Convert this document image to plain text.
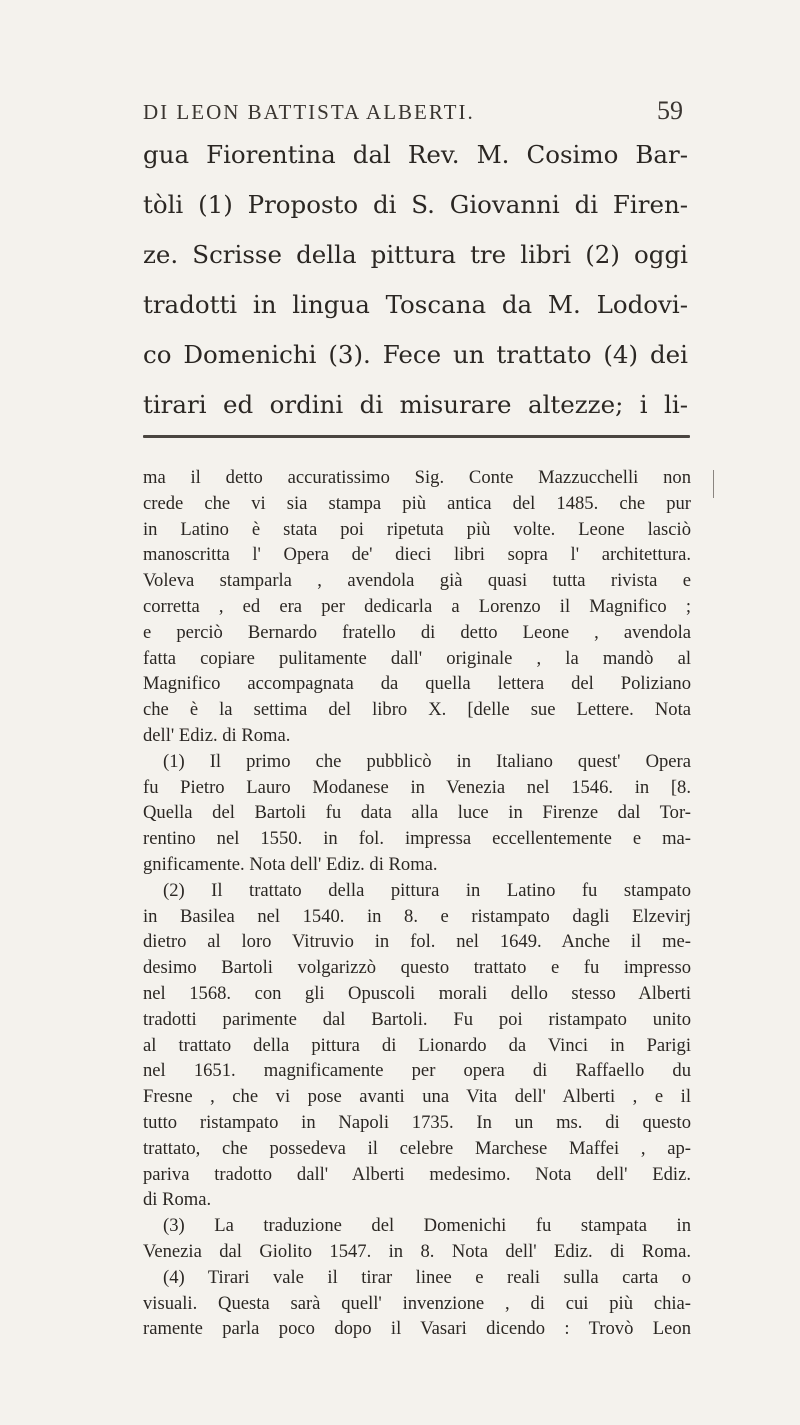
DI LEON BATTISTA ALBERTI.	59
gua Fiorentina dal Rev. M. Cosimo Bar-
tòli (1) Proposto di S. Giovanni di Firen-
ze. Scrisse della pittura tre libri (2) oggi
tradotti in lingua Toscana da M. Lodovi-
co Domenichi (3). Fece un trattato (4) dei
tirari ed ordini di misurare altezze; i li-
ma il detto accuratissimo Sig. Conte Mazzucchelli non
crede che vi sia stampa più antica del 1485. che pur
in Latino è stata poi ripetuta più volte. Leone lasciò
manoscritta l' Opera de' dieci libri sopra l' architettura.
Voleva stamparla , avendola già quasi tutta rivista e
corretta , ed era per dedicarla a Lorenzo il Magnifico ;
e perciò Bernardo fratello di detto Leone , avendola
fatta copiare pulitamente dall' originale , la mandò al
Magnifico accompagnata da quella lettera del Poliziano
che è la settima del libro X. [delle sue Lettere. Nota
dell' Ediz. di Roma.
(1) Il primo che pubblicò in Italiano quest' Opera
fu Pietro Lauro Modanese in Venezia nel 1546. in [8.
Quella del Bartoli fu data alla luce in Firenze dal Tor-
rentino nel 1550. in fol. impressa eccellentemente e ma-
gnificamente. Nota dell' Ediz. di Roma.
(2) Il trattato della pittura in Latino fu stampato
in Basilea nel 1540. in 8. e ristampato dagli Elzevirj
dietro al loro Vitruvio in fol. nel 1649. Anche il me-
desimo Bartoli volgarizzò questo trattato e fu impresso
nel 1568. con gli Opuscoli morali dello stesso Alberti
tradotti parimente dal Bartoli. Fu poi ristampato unito
al trattato della pittura di Lionardo da Vinci in Parigi
nel 1651. magnificamente per opera di Raffaello du
Fresne , che vi pose avanti una Vita dell' Alberti , e il
tutto ristampato in Napoli 1735. In un ms. di questo
trattato, che possedeva il celebre Marchese Maffei , ap-
pariva tradotto dall' Alberti medesimo. Nota dell' Ediz.
di Roma.
(3) La traduzione del Domenichi fu stampata in
Venezia dal Giolito 1547. in 8. Nota dell' Ediz. di Roma.
(4) Tirari vale il tirar linee e reali sulla carta o
visuali. Questa sarà quell' invenzione , di cui più chia-
ramente parla poco dopo il Vasari dicendo : Trovò Leon
